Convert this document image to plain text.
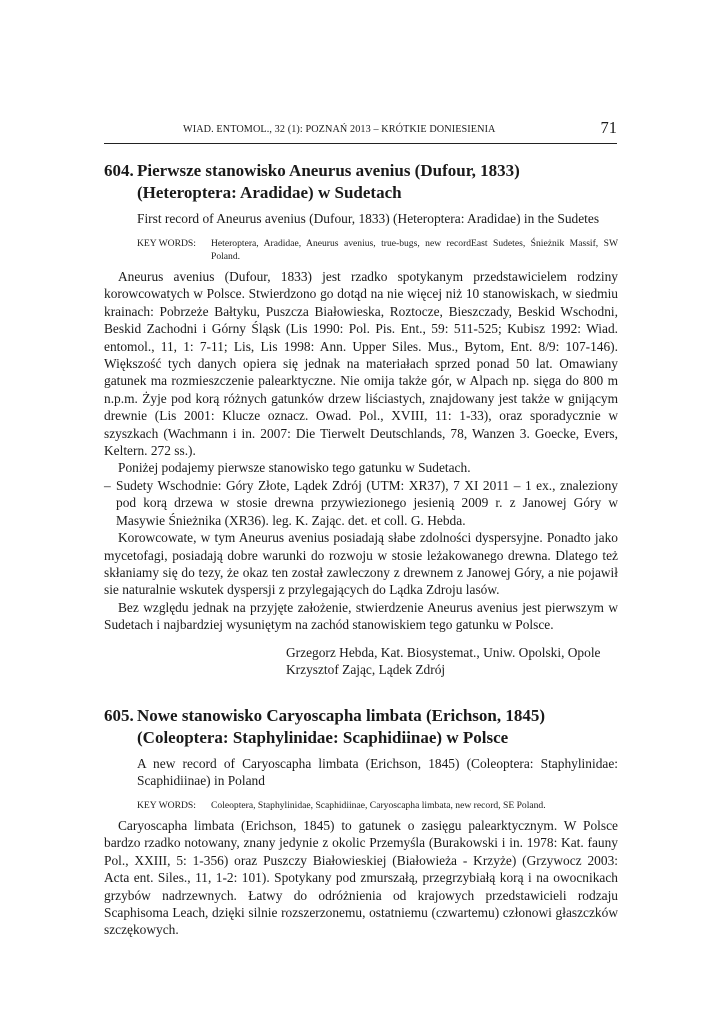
WIAD. ENTOMOL., 32 (1): POZNAŃ 2013 – KRÓTKIE DONIESIENIA	71
604. Pierwsze stanowisko Aneurus avenius (Dufour, 1833) (Heteroptera: Aradidae) w Sudetach
First record of Aneurus avenius (Dufour, 1833) (Heteroptera: Aradidae) in the Sudetes
KEY WORDS: Heteroptera, Aradidae, Aneurus avenius, true-bugs, new recordEast Sudetes, Śnieżnik Massif, SW Poland.

Aneurus avenius (Dufour, 1833) jest rzadko spotykanym przedstawicielem rodziny korowcowatych w Polsce. Stwierdzono go dotąd na nie więcej niż 10 stanowiskach, w siedmiu krainach: Pobrzeże Bałtyku, Puszcza Białowieska, Roztocze, Bieszczady, Beskid Wschodni, Beskid Zachodni i Górny Śląsk (Lis 1990: Pol. Pis. Ent., 59: 511-525; Kubisz 1992: Wiad. entomol., 11, 1: 7-11; Lis, Lis 1998: Ann. Upper Siles. Mus., Bytom, Ent. 8/9: 107-146). Większość tych danych opiera się jednak na materiałach sprzed ponad 50 lat. Omawiany gatunek ma rozmieszczenie palearktyczne. Nie omija także gór, w Alpach np. sięga do 800 m n.p.m. Żyje pod korą różnych gatunków drzew liściastych, znajdowany jest także w gnijącym drewnie (Lis 2001: Klucze oznacz. Owad. Pol., XVIII, 11: 1-33), oraz sporadycznie w szyszkach (Wachmann i in. 2007: Die Tierwelt Deutschlands, 78, Wanzen 3. Goecke, Evers, Keltern. 272 ss.).

Poniżej podajemy pierwsze stanowisko tego gatunku w Sudetach.

– Sudety Wschodnie: Góry Złote, Lądek Zdrój (UTM: XR37), 7 XI 2011 – 1 ex., znaleziony pod korą drzewa w stosie drewna przywiezionego jesienią 2009 r. z Janowej Góry w Masywie Śnieżnika (XR36). leg. K. Zając. det. et coll. G. Hebda.

Korowcowate, w tym Aneurus avenius posiadają słabe zdolności dyspersyjne. Ponadto jako mycetofagi, posiadają dobre warunki do rozwoju w stosie leżakowanego drewna. Dlatego też skłaniamy się do tezy, że okaz ten został zawleczony z drewnem z Janowej Góry, a nie pojawił sie naturalnie wskutek dyspersji z przylegających do Lądka Zdroju lasów.

Bez względu jednak na przyjęte założenie, stwierdzenie Aneurus avenius jest pierwszym w Sudetach i najbardziej wysuniętym na zachód stanowiskiem tego gatunku w Polsce.

Grzegorz Hebda, Kat. Biosystemat., Uniw. Opolski, Opole
Krzysztof Zając, Lądek Zdrój
605. Nowe stanowisko Caryoscapha limbata (Erichson, 1845) (Coleoptera: Staphylinidae: Scaphidiinae) w Polsce
A new record of Caryoscapha limbata (Erichson, 1845) (Coleoptera: Staphylinidae: Scaphidiinae) in Poland
KEY WORDS: Coleoptera, Staphylinidae, Scaphidiinae, Caryoscapha limbata, new record, SE Poland.

Caryoscapha limbata (Erichson, 1845) to gatunek o zasięgu palearktycznym. W Polsce bardzo rzadko notowany, znany jedynie z okolic Przemyśla (Burakowski i in. 1978: Kat. fauny Pol., XXIII, 5: 1-356) oraz Puszczy Białowieskiej (Białowieża - Krzyże) (Grzywocz 2003: Acta ent. Siles., 11, 1-2: 101). Spotykany pod zmurszałą, przegrzybiałą korą i na owocnikach grzybów nadrzewnych. Łatwy do odróżnienia od krajowych przedstawicieli rodzaju Scaphisoma Leach, dzięki silnie rozszerzonemu, ostatniemu (czwartemu) członowi głaszczków szczękowych.
